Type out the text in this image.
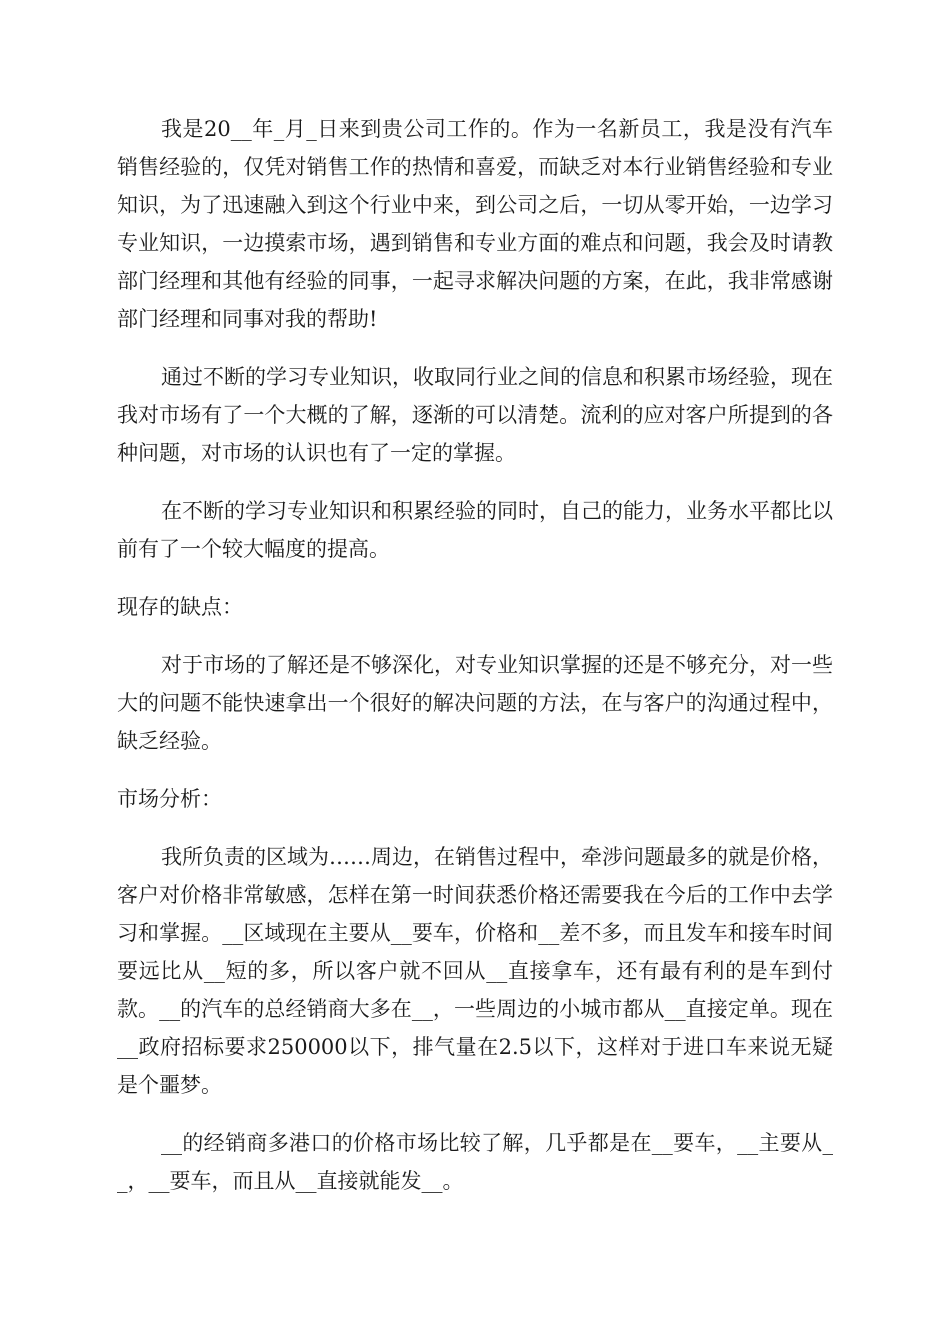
我是20__年_月_日来到贵公司工作的。作为一名新员工，我是没有汽车销售经验的，仅凭对销售工作的热情和喜爱，而缺乏对本行业销售经验和专业知识，为了迅速融入到这个行业中来，到公司之后，一切从零开始，一边学习专业知识，一边摸索市场，遇到销售和专业方面的难点和问题，我会及时请教部门经理和其他有经验的同事，一起寻求解决问题的方案，在此，我非常感谢部门经理和同事对我的帮助!

通过不断的学习专业知识，收取同行业之间的信息和积累市场经验，现在我对市场有了一个大概的了解，逐渐的可以清楚。流利的应对客户所提到的各种问题，对市场的认识也有了一定的掌握。

在不断的学习专业知识和积累经验的同时，自己的能力，业务水平都比以前有了一个较大幅度的提高。

现存的缺点：

对于市场的了解还是不够深化，对专业知识掌握的还是不够充分，对一些大的问题不能快速拿出一个很好的解决问题的方法，在与客户的沟通过程中，缺乏经验。

市场分析：

我所负责的区域为……周边，在销售过程中，牵涉问题最多的就是价格，客户对价格非常敏感，怎样在第一时间获悉价格还需要我在今后的工作中去学习和掌握。__区域现在主要从__要车，价格和__差不多，而且发车和接车时间要远比从__短的多，所以客户就不回从__直接拿车，还有最有利的是车到付款。__的汽车的总经销商大多在__，一些周边的小城市都从__直接定单。现在__政府招标要求250000以下，排气量在2.5以下，这样对于进口车来说无疑是个噩梦。

__的经销商多港口的价格市场比较了解，几乎都是在__要车，__主要从__，__要车，而且从__直接就能发__。
